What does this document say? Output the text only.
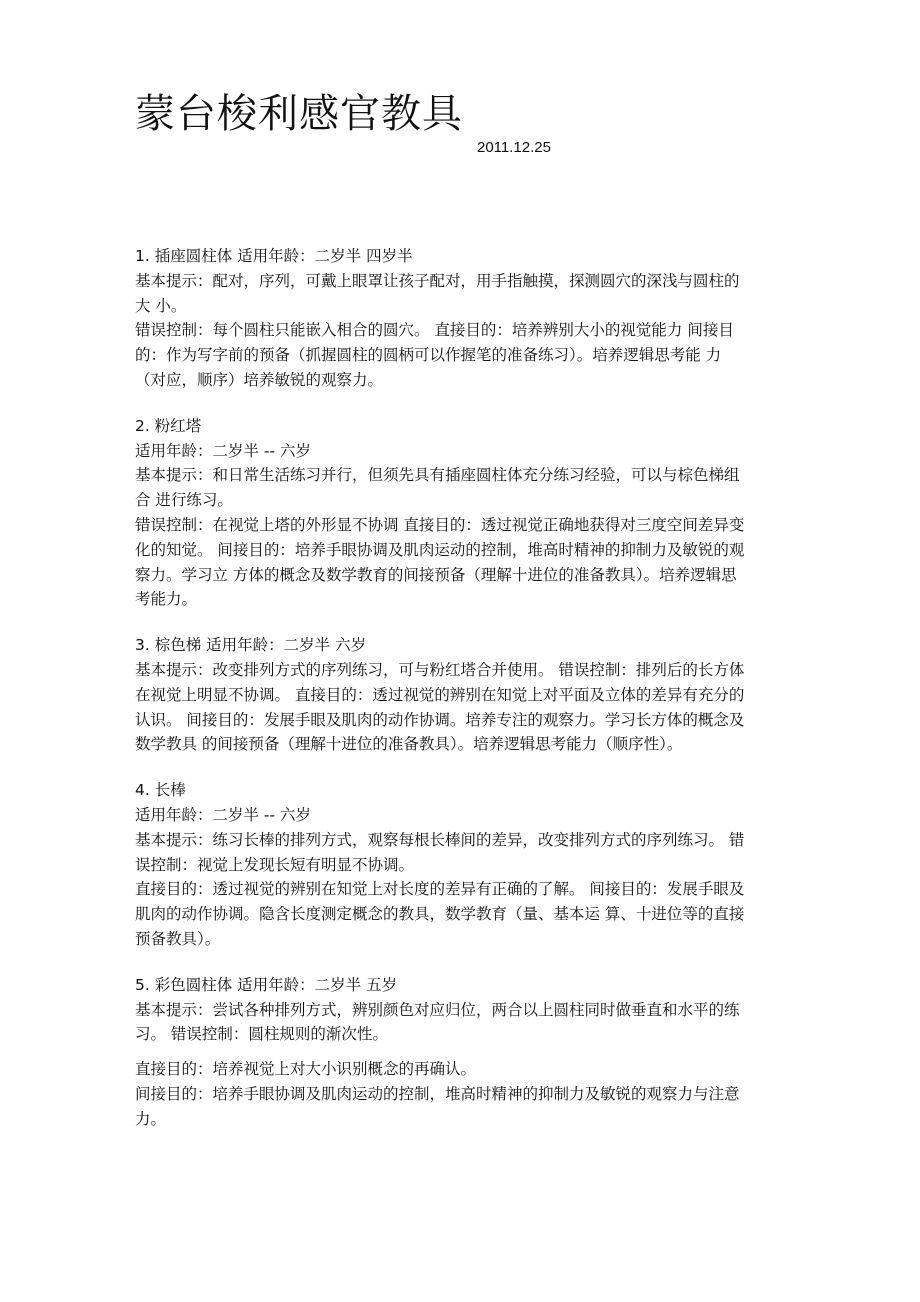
蒙台梭利感官教具
2011.12.25
1. 插座圆柱体 适用年龄：二岁半 四岁半
基本提示：配对，序列，可戴上眼罩让孩子配对，用手指触摸，探测圆穴的深浅与圆柱的
大 小。
错误控制：每个圆柱只能嵌入相合的圆穴。 直接目的：培养辨别大小的视觉能力 间接目
的：作为写字前的预备（抓握圆柱的圆柄可以作握笔的准备练习）。培养逻辑思考能 力
（对应，顺序）培养敏锐的观察力。
2. 粉红塔
适用年龄：二岁半 -- 六岁
基本提示：和日常生活练习并行，但须先具有插座圆柱体充分练习经验，可以与棕色梯组
合 进行练习。
错误控制：在视觉上塔的外形显不协调 直接目的：透过视觉正确地获得对三度空间差异变
化的知觉。 间接目的：培养手眼协调及肌肉运动的控制，堆高时精神的抑制力及敏锐的观
察力。学习立 方体的概念及数学教育的间接预备（理解十进位的准备教具）。培养逻辑思
考能力。
3. 棕色梯 适用年龄：二岁半 六岁
基本提示：改变排列方式的序列练习，可与粉红塔合并使用。 错误控制：排列后的长方体
在视觉上明显不协调。 直接目的：透过视觉的辨别在知觉上对平面及立体的差异有充分的
认识。 间接目的：发展手眼及肌肉的动作协调。培养专注的观察力。学习长方体的概念及
数学教具 的间接预备（理解十进位的准备教具）。培养逻辑思考能力（顺序性）。
4. 长棒
适用年龄：二岁半 -- 六岁
基本提示：练习长棒的排列方式，观察每根长棒间的差异，改变排列方式的序列练习。 错
误控制：视觉上发现长短有明显不协调。
直接目的：透过视觉的辨别在知觉上对长度的差异有正确的了解。 间接目的：发展手眼及
肌肉的动作协调。隐含长度测定概念的教具，数学教育（量、基本运 算、十进位等的直接
预备教具）。
5. 彩色圆柱体 适用年龄：二岁半 五岁
基本提示：尝试各种排列方式，辨别颜色对应归位，两合以上圆柱同时做垂直和水平的练
习。 错误控制：圆柱规则的渐次性。
直接目的：培养视觉上对大小识别概念的再确认。
间接目的：培养手眼协调及肌肉运动的控制，堆高时精神的抑制力及敏锐的观察力与注意
力。
